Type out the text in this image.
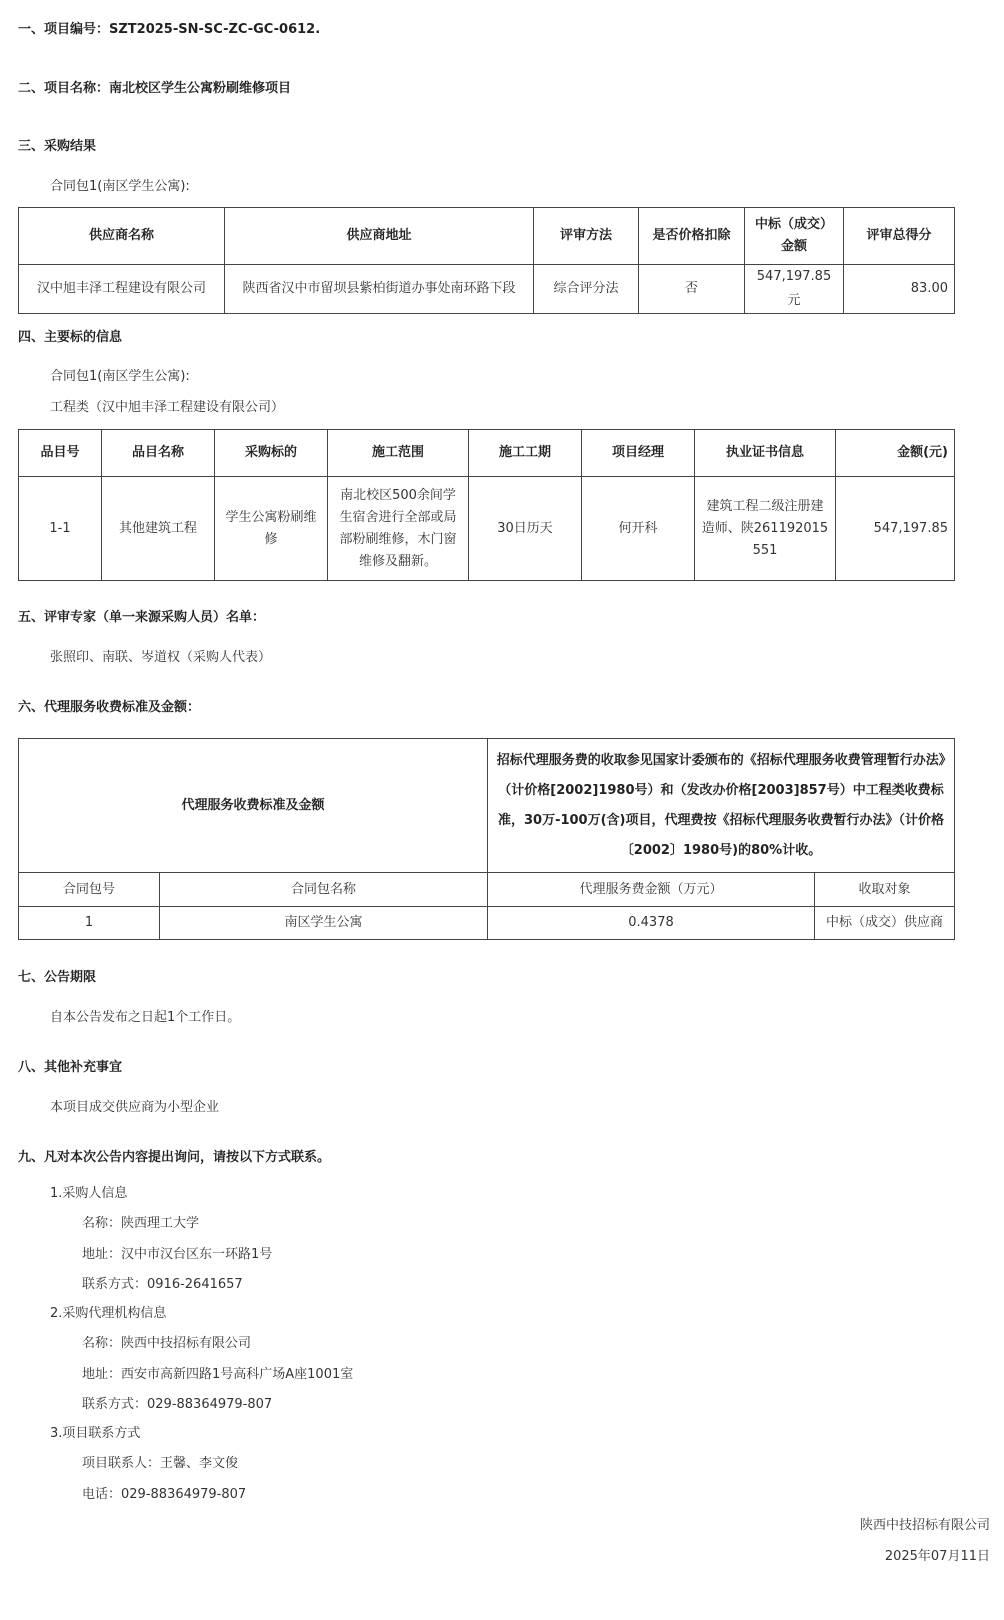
一、项目编号：SZT2025-SN-SC-ZC-GC-0612.
二、项目名称：南北校区学生公寓粉刷维修项目
三、采购结果
合同包1(南区学生公寓):
供应商名称	供应商地址	评审方法	是否价格扣除	中标（成交）金额	评审总得分
汉中旭丰泽工程建设有限公司	陕西省汉中市留坝县紫柏街道办事处南环路下段	综合评分法	否	547,197.85元	83.00
四、主要标的信息
合同包1(南区学生公寓):
工程类（汉中旭丰泽工程建设有限公司）
品目号	品目名称	采购标的	施工范围	施工工期	项目经理	执业证书信息	金额(元)
1-1	其他建筑工程	学生公寓粉刷维修	南北校区500余间学生宿舍进行全部或局部粉刷维修，木门窗维修及翻新。	30日历天	何开科	建筑工程二级注册建造师、陕261192015551	547,197.85
五、评审专家（单一来源采购人员）名单：
张照印、南联、岑道权（采购人代表）
六、代理服务收费标准及金额：
代理服务收费标准及金额		招标代理服务费的收取参见国家计委颁布的《招标代理服务收费管理暂行办法》（计价格[2002]1980号）和（发改办价格[2003]857号）中工程类收费标准，30万-100万(含)项目，代理费按《招标代理服务收费暂行办法》（计价格〔2002〕1980号)的80%计收。	
合同包号	合同包名称	代理服务费金额（万元）	收取对象
1	南区学生公寓	0.4378	中标（成交）供应商
七、公告期限
自本公告发布之日起1个工作日。
八、其他补充事宜
本项目成交供应商为小型企业
九、凡对本次公告内容提出询问，请按以下方式联系。
1.采购人信息
名称：陕西理工大学
地址：汉中市汉台区东一环路1号
联系方式：0916-2641657
2.采购代理机构信息
名称：陕西中技招标有限公司
地址：西安市高新四路1号高科广场A座1001室
联系方式：029-88364979-807
3.项目联系方式
项目联系人：王馨、李文俊
电话：029-88364979-807
陕西中技招标有限公司
2025年07月11日
